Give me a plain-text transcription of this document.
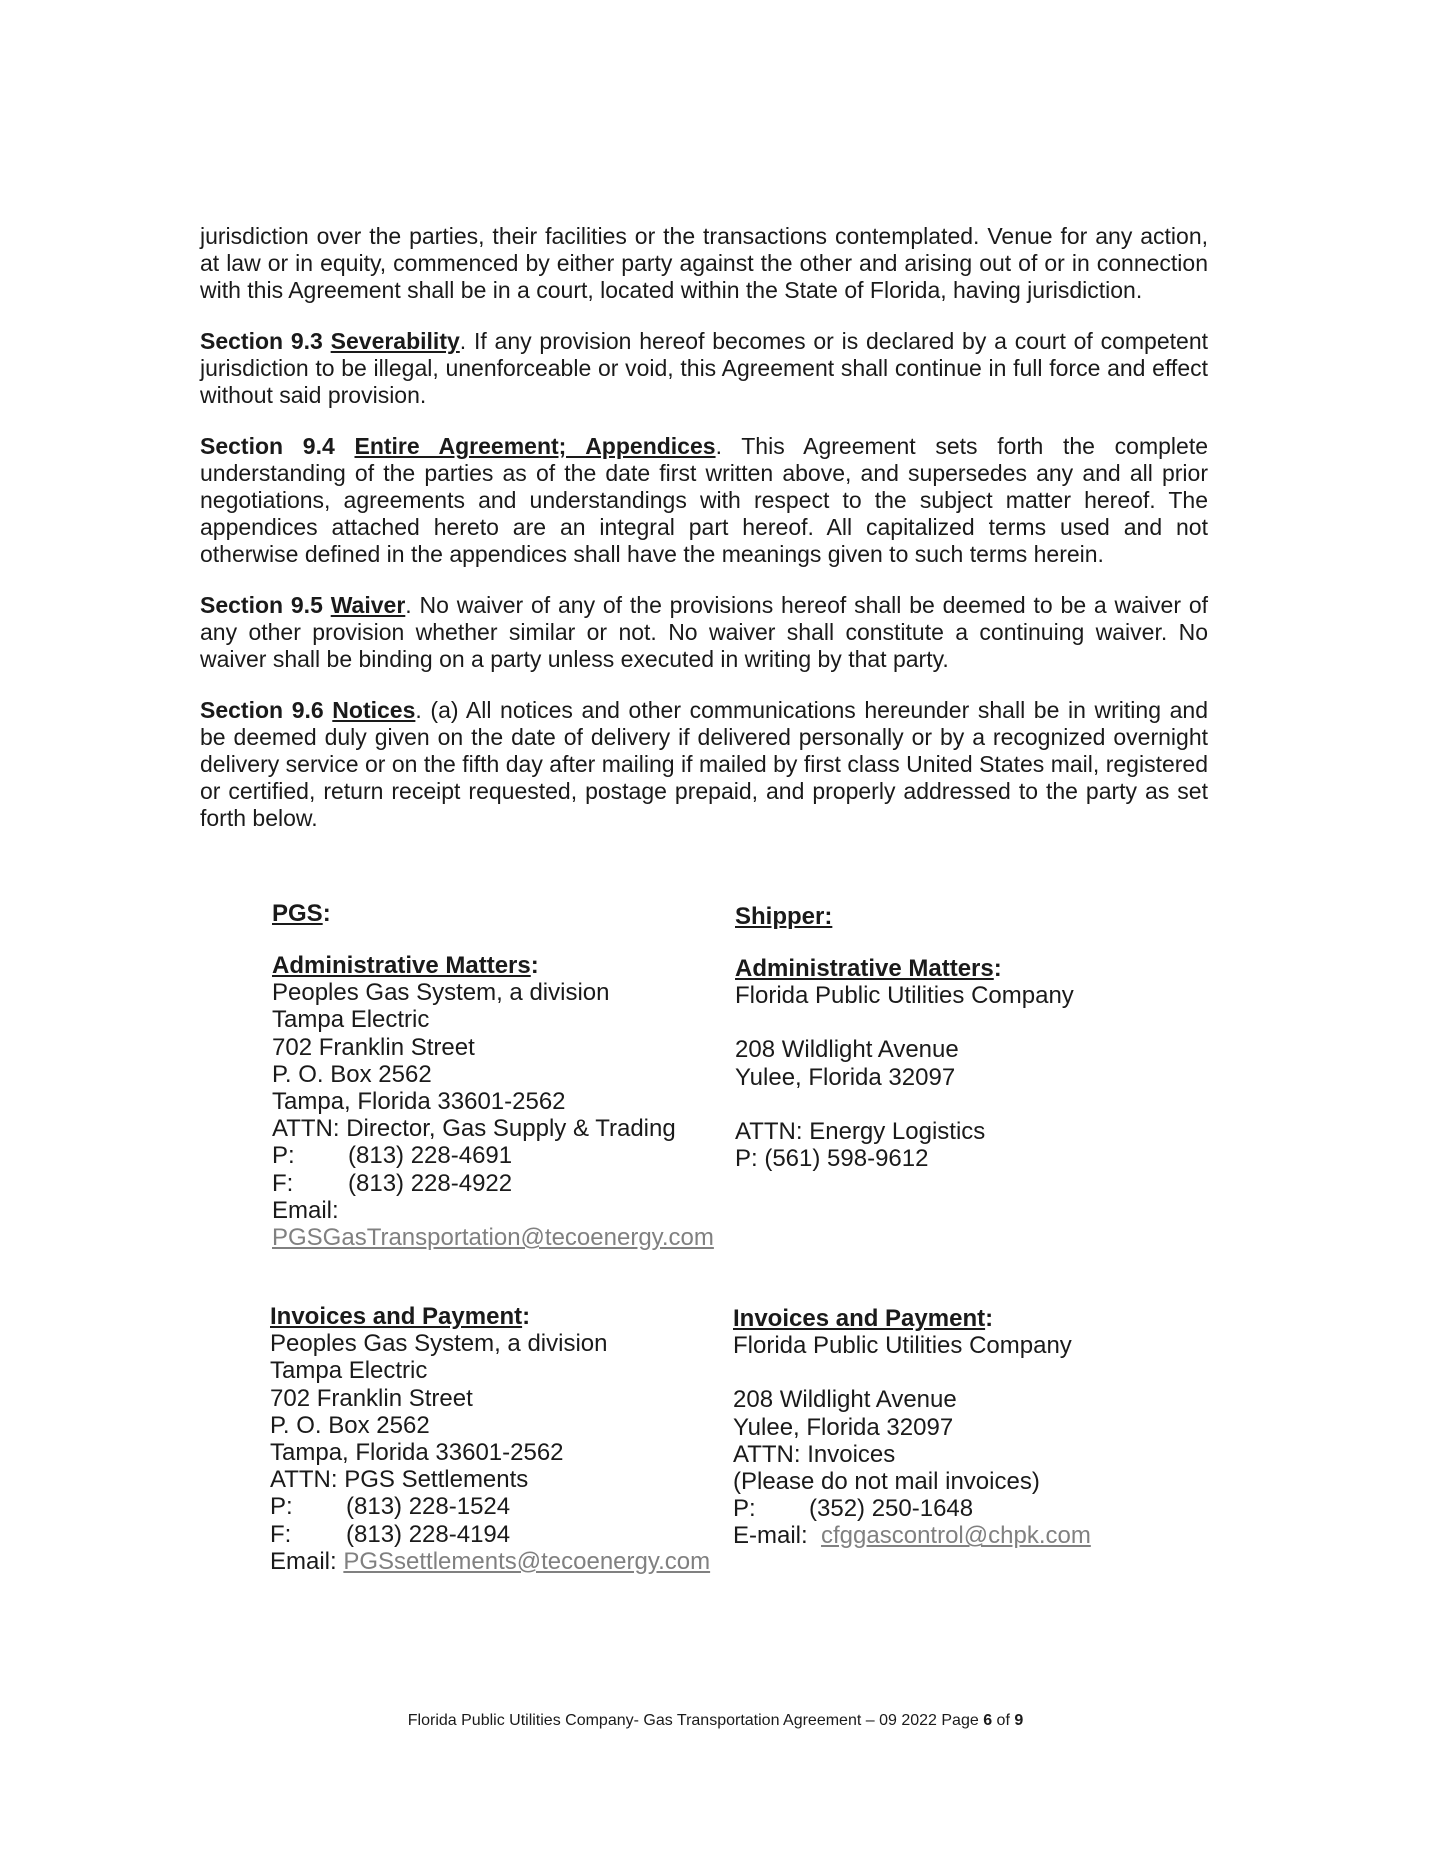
jurisdiction over the parties, their facilities or the transactions contemplated. Venue for any action, at law or in equity, commenced by either party against the other and arising out of or in connection with this Agreement shall be in a court, located within the State of Florida, having jurisdiction.

Section 9.3 Severability. If any provision hereof becomes or is declared by a court of competent jurisdiction to be illegal, unenforceable or void, this Agreement shall continue in full force and effect without said provision.

Section 9.4 Entire Agreement; Appendices. This Agreement sets forth the complete understanding of the parties as of the date first written above, and supersedes any and all prior negotiations, agreements and understandings with respect to the subject matter hereof. The appendices attached hereto are an integral part hereof. All capitalized terms used and not otherwise defined in the appendices shall have the meanings given to such terms herein.

Section 9.5 Waiver. No waiver of any of the provisions hereof shall be deemed to be a waiver of any other provision whether similar or not. No waiver shall constitute a continuing waiver. No waiver shall be binding on a party unless executed in writing by that party.

Section 9.6 Notices. (a) All notices and other communications hereunder shall be in writing and be deemed duly given on the date of delivery if delivered personally or by a recognized overnight delivery service or on the fifth day after mailing if mailed by first class United States mail, registered or certified, return receipt requested, postage prepaid, and properly addressed to the party as set forth below.

PGS:	Shipper:

Administrative Matters:

Peoples Gas System, a division

Tampa Electric

702 Franklin Street

P. O. Box 2562

Tampa, Florida 33601-2562

ATTN: Director, Gas Supply & Trading

P: (813) 228-4691

F: (813) 228-4922

Email:

PGSGasTransportation@tecoenergy.com

Administrative Matters:

Florida Public Utilities Company

208 Wildlight Avenue

Yulee, Florida 32097

ATTN: Energy Logistics

P: (561) 598-9612

Invoices and Payment:

Peoples Gas System, a division

Tampa Electric

702 Franklin Street

P. O. Box 2562

Tampa, Florida 33601-2562

ATTN: PGS Settlements

P: (813) 228-1524

F: (813) 228-4194

Email: PGSsettlements@tecoenergy.com

Invoices and Payment:

Florida Public Utilities Company

208 Wildlight Avenue

Yulee, Florida 32097

ATTN: Invoices

(Please do not mail invoices)

P: (352) 250-1648

E-mail: cfggascontrol@chpk.com

Florida Public Utilities Company- Gas Transportation Agreement – 09 2022 Page 6 of 9
